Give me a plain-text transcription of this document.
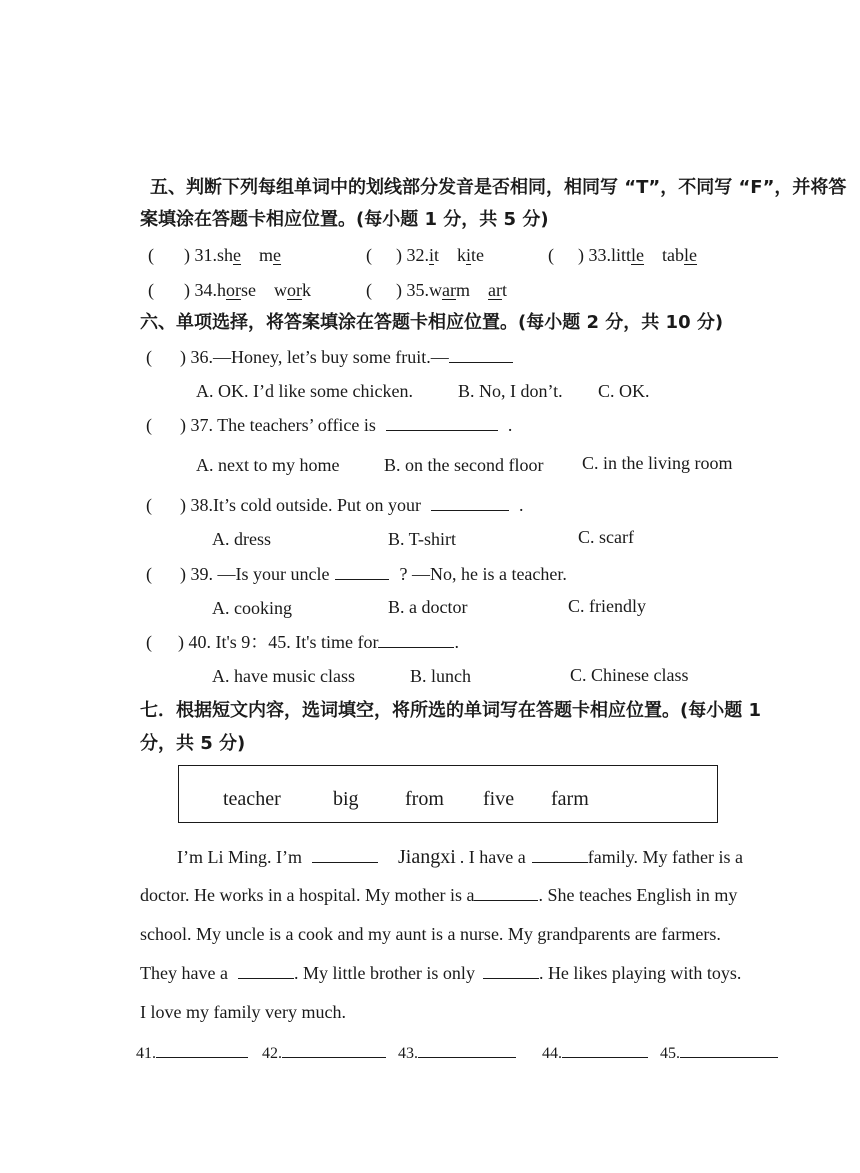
五、判断下列每组单词中的划线部分发音是否相同，相同写 “T”，不同写 “F”，并将答
案填涂在答题卡相应位置。(每小题 1 分，共 5 分)
( ) 31.she me	( ) 32.it kite	( ) 33.little table
( ) 34.horse work	( ) 35.warm art
六、单项选择，将答案填涂在答题卡相应位置。(每小题 2 分，共 10 分)
( ) 36.—Honey, let’s buy some fruit.—
A. OK. I’d like some chicken.	B. No, I don’t. C. OK.
( ) 37. The teachers’ office is	.
A. next to my home B. on the second floor C. in the living room
( ) 38.It’s cold outside. Put on your	.
A. dress	B. T-shirt	C. scarf
( ) 39. —Is your uncle	? —No, he is a teacher.
A. cooking	B. a doctor	C. friendly
( ) 40. It's 9：45. It's time for	.
A. have music class	B. lunch	C. Chinese class
七．根据短文内容，选词填空，将所选的单词写在答题卡相应位置。(每小题 1
分，共 5 分)
teacher	big from five farm
I’m Li Ming. I’m	Jiangxi . I have a	family. My father is a
doctor. He works in a hospital. My mother is a	. She teaches English in my
school. My uncle is a cook and my aunt is a nurse. My grandparents are farmers.
They have a	. My little brother is only	. He likes playing with toys.
I love my family very much.
41.	42.	43.	44.	45.
